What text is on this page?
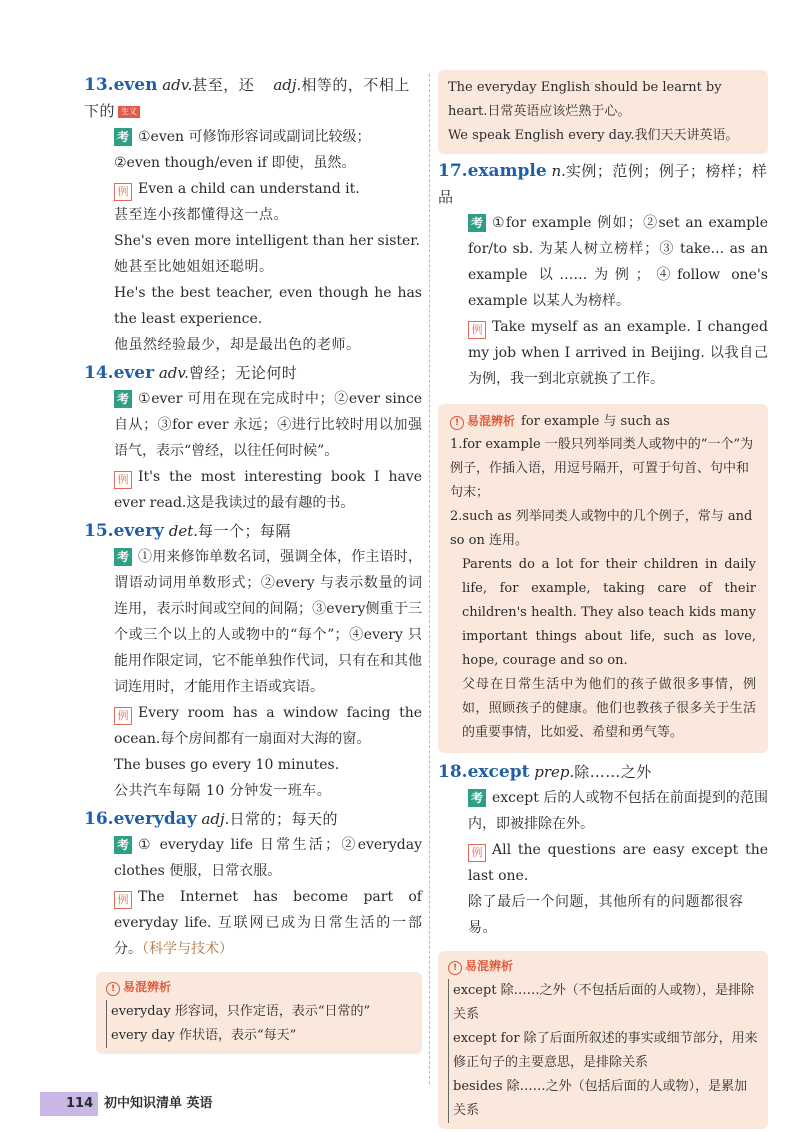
13.even adv.甚至，还 adj.相等的，不相上下的 生义
考 ①even 可修饰形容词或副词比较级；
②even though/even if 即使，虽然。
例 Even a child can understand it.
甚至连小孩都懂得这一点。
She's even more intelligent than her sister.
她甚至比她姐姐还聪明。
He's the best teacher, even though he has the least experience.
他虽然经验最少，却是最出色的老师。
14.ever adv.曾经；无论何时
考 ①ever 可用在现在完成时中；②ever since 自从；③for ever 永远；④进行比较时用以加强语气，表示“曾经，以往任何时候”。
例 It's the most interesting book I have ever read.这是我读过的最有趣的书。
15.every det.每一个；每隔
考 ①用来修饰单数名词，强调全体，作主语时，谓语动词用单数形式；②every 与表示数量的词连用，表示时间或空间的间隔；③every侧重于三个或三个以上的人或物中的“每个”；④every 只能用作限定词，它不能单独作代词，只有在和其他词连用时，才能用作主语或宾语。
例 Every room has a window facing the ocean.每个房间都有一扇面对大海的窗。
The buses go every 10 minutes.
公共汽车每隔 10 分钟发一班车。
16.everyday adj.日常的；每天的
考 ① everyday life 日常生活；②everyday clothes 便服，日常衣服。
例 The Internet has become part of everyday life. 互联网已成为日常生活的一部分。（科学与技术）
! 易混辨析
everyday 形容词，只作定语，表示“日常的”
every day 作状语，表示“每天”
The everyday English should be learnt by heart.日常英语应该烂熟于心。
We speak English every day.我们天天讲英语。
17.example n.实例；范例；例子；榜样；样品
考 ①for example 例如；②set an example for/to sb. 为某人树立榜样；③ take... as an example 以……为例；④follow one's example 以某人为榜样。
例 Take myself as an example. I changed my job when I arrived in Beijing. 以我自己为例，我一到北京就换了工作。
! 易混辨析 for example 与 such as
1.for example 一般只列举同类人或物中的“一个”为例子，作插入语，用逗号隔开，可置于句首、句中和句末；
2.such as 列举同类人或物中的几个例子，常与 and so on 连用。
Parents do a lot for their children in daily life, for example, taking care of their children's health. They also teach kids many important things about life, such as love, hope, courage and so on.
父母在日常生活中为他们的孩子做很多事情，例如，照顾孩子的健康。他们也教孩子很多关于生活的重要事情，比如爱、希望和勇气等。
18.except prep.除……之外
考 except 后的人或物不包括在前面提到的范围内，即被排除在外。
例 All the questions are easy except the last one.
除了最后一个问题，其他所有的问题都很容易。
! 易混辨析
except 除……之外（不包括后面的人或物），是排除关系
except for 除了后面所叙述的事实或细节部分，用来修正句子的主要意思，是排除关系
besides 除……之外（包括后面的人或物），是累加关系
114 初中知识清单 英语
